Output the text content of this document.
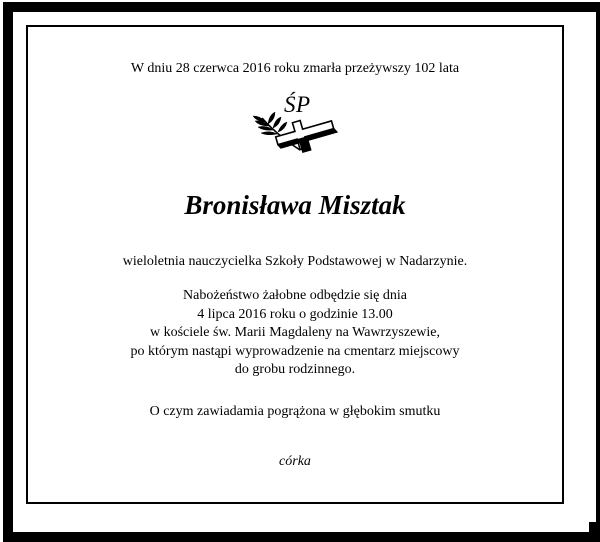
W dniu 28 czerwca 2016 roku zmarła przeżywszy 102 lata
ŚP
Bronisława Misztak
wieloletnia nauczycielka Szkoły Podstawowej w Nadarzynie.
Nabożeństwo żałobne odbędzie się dnia
4 lipca 2016 roku o godzinie 13.00
w kościele św. Marii Magdaleny na Wawrzyszewie,
po którym nastąpi wyprowadzenie na cmentarz miejscowy
do grobu rodzinnego.
O czym zawiadamia pogrążona w głębokim smutku
córka
